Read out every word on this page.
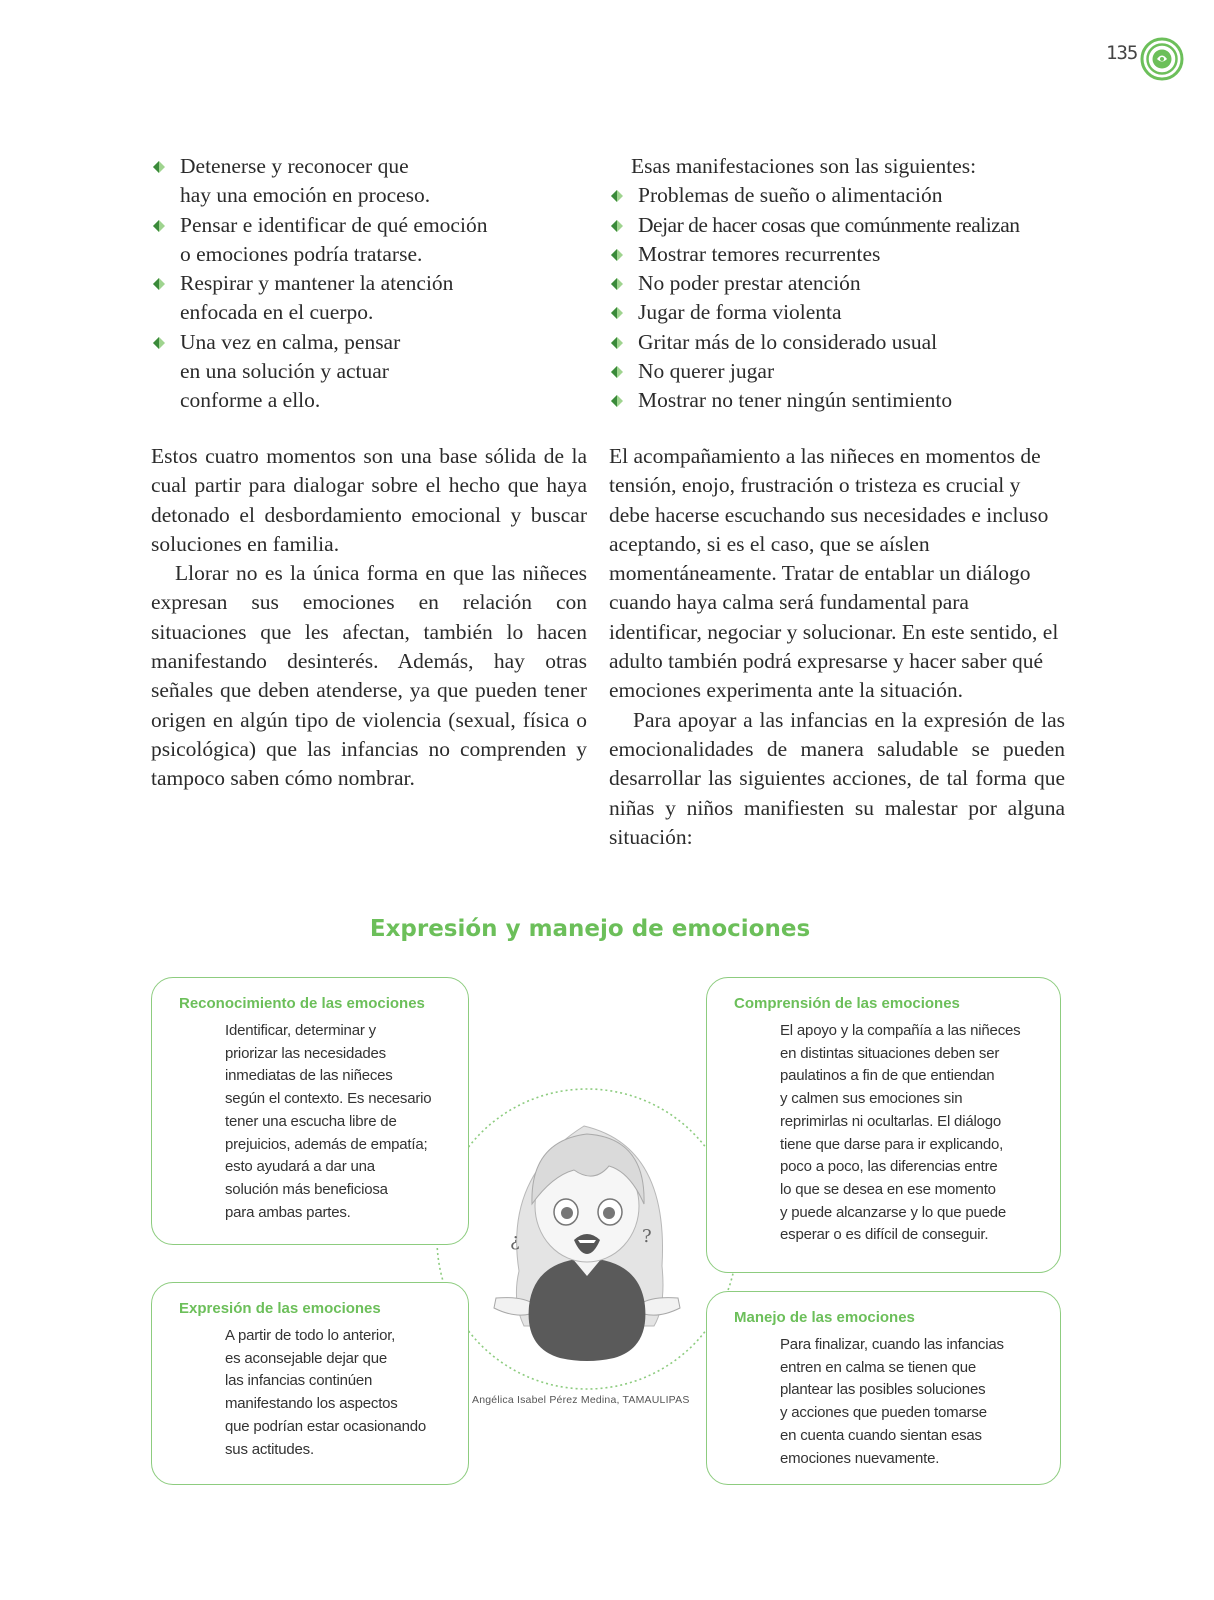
135
Detenerse y reconocer que
hay una emoción en proceso.
Pensar e identificar de qué emoción
o emociones podría tratarse.
Respirar y mantener la atención
enfocada en el cuerpo.
Una vez en calma, pensar
en una solución y actuar
conforme a ello.

Estos cuatro momentos son una base sólida de la cual partir para dialogar sobre el hecho que haya detonado el desbordamiento emocional y buscar soluciones en familia.

Llorar no es la única forma en que las niñeces expresan sus emociones en relación con situaciones que les afectan, también lo hacen manifestando desinterés. Además, hay otras señales que deben atenderse, ya que pueden tener origen en algún tipo de violencia (sexual, física o psicológica) que las infancias no comprenden y tampoco saben cómo nombrar.

Esas manifestaciones son las siguientes:

Problemas de sueño o alimentación
Dejar de hacer cosas que comúnmente realizan
Mostrar temores recurrentes
No poder prestar atención
Jugar de forma violenta
Gritar más de lo considerado usual
No querer jugar
Mostrar no tener ningún sentimiento

El acompañamiento a las niñeces en momentos de tensión, enojo, frustración o tristeza es crucial y debe hacerse escuchando sus necesidades e incluso aceptando, si es el caso, que se aíslen momentáneamente. Tratar de entablar un diálogo cuando haya calma será fundamental para identificar, negociar y solucionar. En este sentido, el adulto también podrá expresarse y hacer saber qué emociones experimenta ante la situación.

Para apoyar a las infancias en la expresión de las emocionalidades de manera saludable se pueden desarrollar las siguientes acciones, de tal forma que niñas y niños manifiesten su malestar por alguna situación:

Expresión y manejo de emociones
¿	?
Angélica Isabel Pérez Medina, TAMAULIPAS
Reconocimiento de las emociones
Identificar, determinar y
priorizar las necesidades
inmediatas de las niñeces
según el contexto. Es necesario
tener una escucha libre de
prejuicios, además de empatía;
esto ayudará a dar una
solución más beneficiosa
para ambas partes.
Expresión de las emociones
A partir de todo lo anterior,
es aconsejable dejar que
las infancias continúen
manifestando los aspectos
que podrían estar ocasionando
sus actitudes.
Comprensión de las emociones
El apoyo y la compañía a las niñeces
en distintas situaciones deben ser
paulatinos a fin de que entiendan
y calmen sus emociones sin
reprimirlas ni ocultarlas. El diálogo
tiene que darse para ir explicando,
poco a poco, las diferencias entre
lo que se desea en ese momento
y puede alcanzarse y lo que puede
esperar o es difícil de conseguir.
Manejo de las emociones
Para finalizar, cuando las infancias
entren en calma se tienen que
plantear las posibles soluciones
y acciones que pueden tomarse
en cuenta cuando sientan esas
emociones nuevamente.
